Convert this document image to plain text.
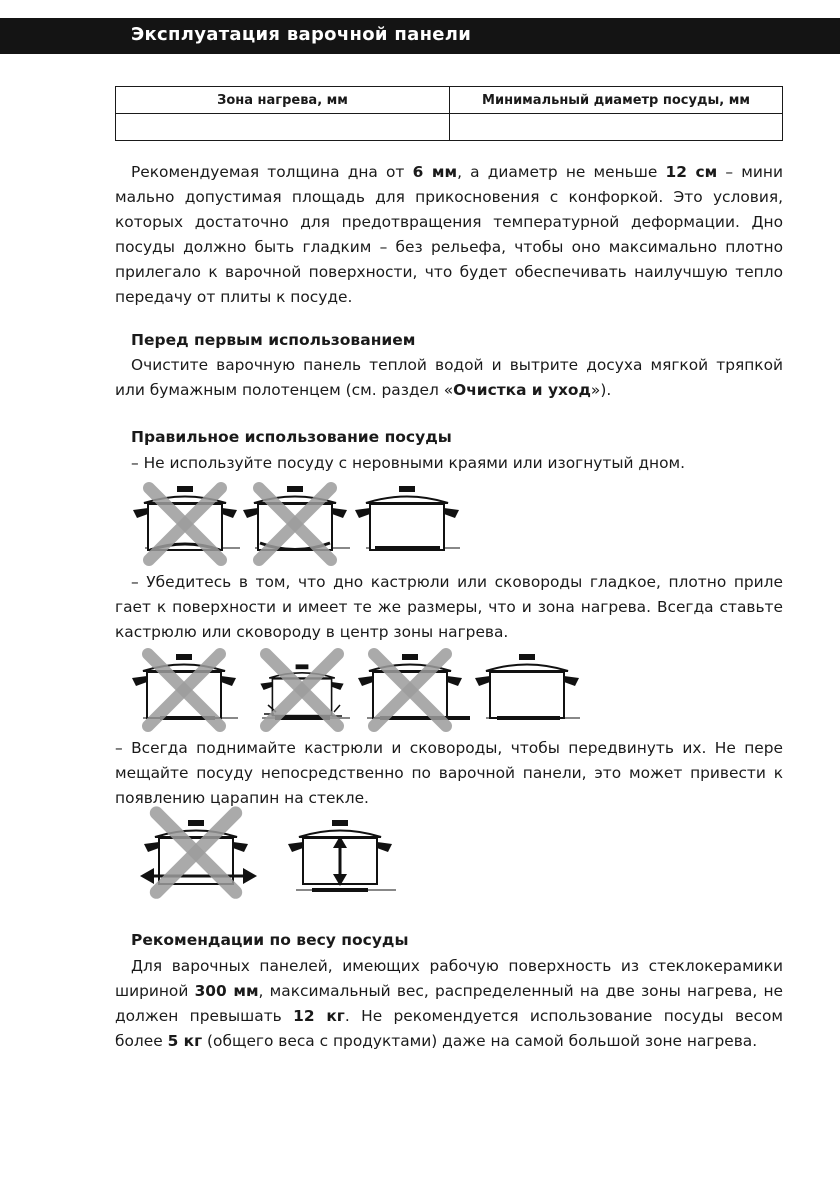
Эксплуатация варочной панели
Зона нагрева, мм	Минимальный диаметр посуды, мм

Рекомендуемая толщина дна от 6 мм, а диаметр не меньше 12 см – мини мально допустимая площадь для прикосновения с конфоркой. Это условия, которых достаточно для предотвращения температурной деформации. Дно посуды должно быть гладким – без рельефа, чтобы оно максимально плотно прилегало к варочной поверхности, что будет обеспечивать наилучшую тепло передачу от плиты к посуде.

Перед первым использованием

Очистите варочную панель теплой водой и вытрите досуха мягкой тряпкой или бумажным полотенцем (см. раздел «Очистка и уход»).

Правильное использование посуды

– Не используйте посуду с неровными краями или изогнутый дном.

– Убедитесь в том, что дно кастрюли или сковороды гладкое, плотно приле гает к поверхности и имеет те же размеры, что и зона нагрева. Всегда ставьте кастрюлю или сковороду в центр зоны нагрева.

– Всегда поднимайте кастрюли и сковороды, чтобы передвинуть их. Не пере мещайте посуду непосредственно по варочной панели, это может привести к появлению царапин на стекле.

Рекомендации по весу посуды

Для варочных панелей, имеющих рабочую поверхность из стеклокерамики шириной 300 мм, максимальный вес, распределенный на две зоны нагрева, не должен превышать 12 кг. Не рекомендуется использование посуды весом более 5 кг (общего веса с продуктами) даже на самой большой зоне нагрева.
